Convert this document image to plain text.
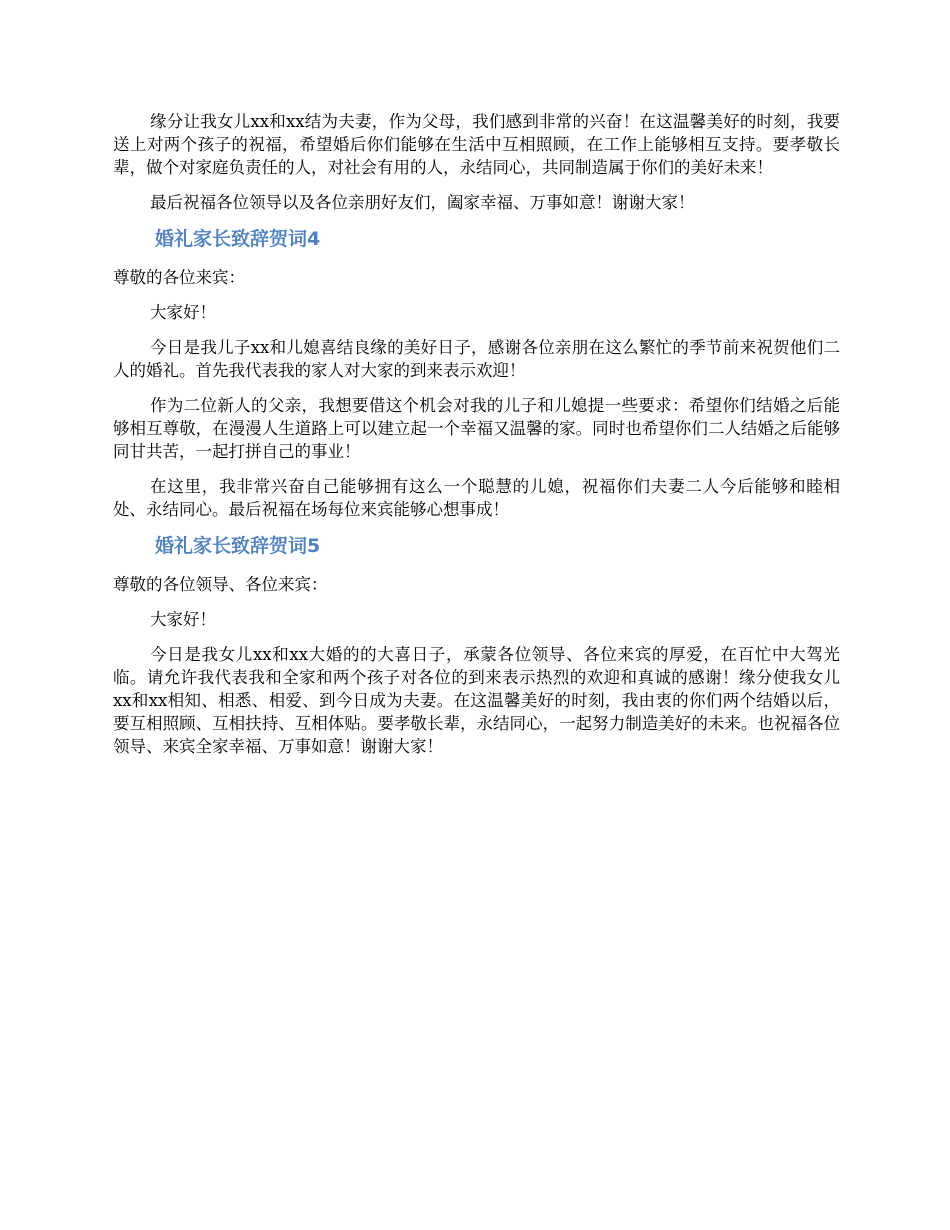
缘分让我女儿xx和xx结为夫妻，作为父母，我们感到非常的兴奋！在这温馨美好的时刻，我要送上对两个孩子的祝福，希望婚后你们能够在生活中互相照顾，在工作上能够相互支持。要孝敬长辈，做个对家庭负责任的人，对社会有用的人，永结同心，共同制造属于你们的美好未来！

最后祝福各位领导以及各位亲朋好友们，阖家幸福、万事如意！谢谢大家！

婚礼家长致辞贺词4

尊敬的各位来宾：

大家好！

今日是我儿子xx和儿媳喜结良缘的美好日子，感谢各位亲朋在这么繁忙的季节前来祝贺他们二人的婚礼。首先我代表我的家人对大家的到来表示欢迎！

作为二位新人的父亲，我想要借这个机会对我的儿子和儿媳提一些要求：希望你们结婚之后能够相互尊敬，在漫漫人生道路上可以建立起一个幸福又温馨的家。同时也希望你们二人结婚之后能够同甘共苦，一起打拼自己的事业！

在这里，我非常兴奋自己能够拥有这么一个聪慧的儿媳，祝福你们夫妻二人今后能够和睦相处、永结同心。最后祝福在场每位来宾能够心想事成！

婚礼家长致辞贺词5

尊敬的各位领导、各位来宾：

大家好！

今日是我女儿xx和xx大婚的的大喜日子，承蒙各位领导、各位来宾的厚爱，在百忙中大驾光临。请允许我代表我和全家和两个孩子对各位的到来表示热烈的欢迎和真诚的感谢！缘分使我女儿xx和xx相知、相悉、相爱、到今日成为夫妻。在这温馨美好的时刻，我由衷的你们两个结婚以后，要互相照顾、互相扶持、互相体贴。要孝敬长辈，永结同心，一起努力制造美好的未来。也祝福各位领导、来宾全家幸福、万事如意！谢谢大家！
